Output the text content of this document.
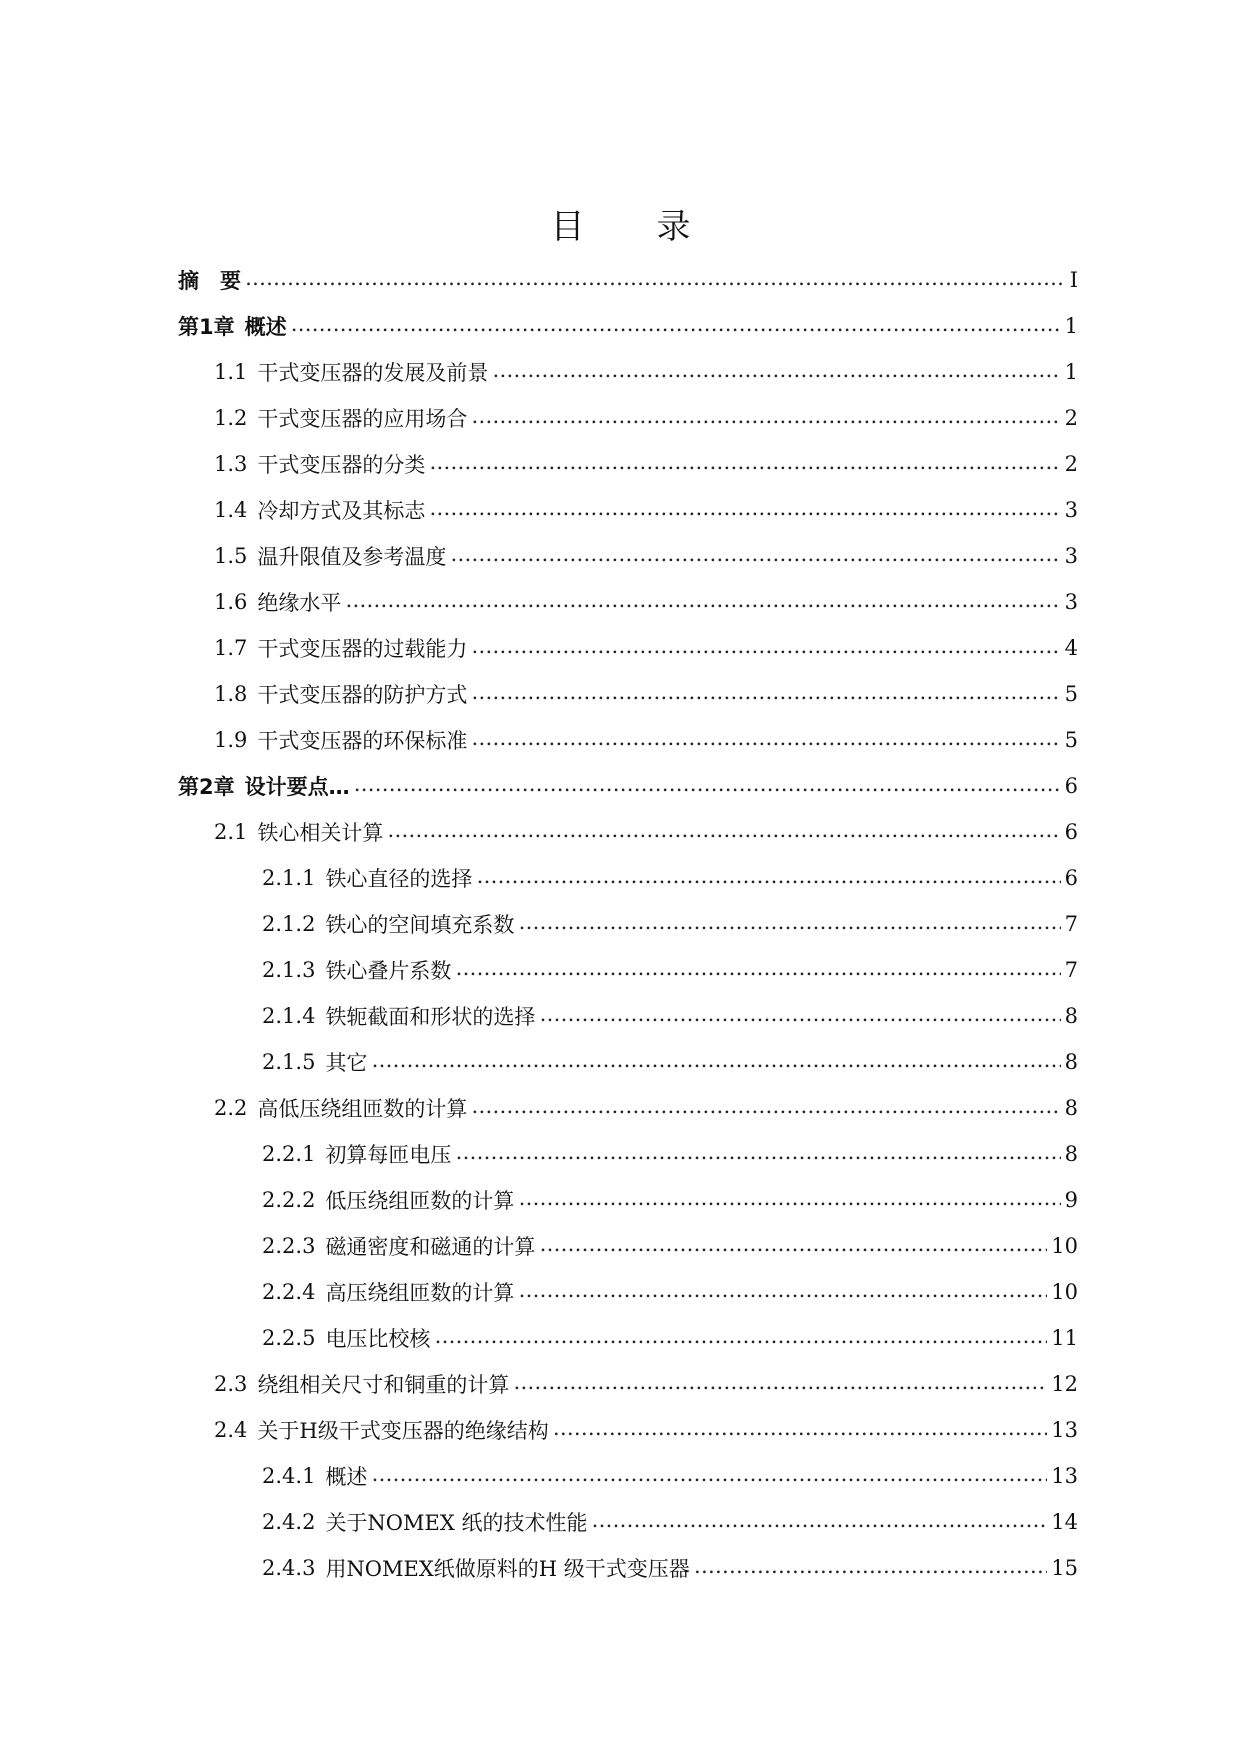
目 录
摘　要 …………………………………………………………………………………………………………………………………………………………………………………………………………	I
第1章 概述 …………………………………………………………………………………………………………………………………………………………………………………………………………	1
1.1 干式变压器的发展及前景 …………………………………………………………………………………………………………………………………………………………………………………………………………	1
1.2 干式变压器的应用场合 …………………………………………………………………………………………………………………………………………………………………………………………………………	2
1.3 干式变压器的分类 …………………………………………………………………………………………………………………………………………………………………………………………………………	2
1.4 冷却方式及其标志 …………………………………………………………………………………………………………………………………………………………………………………………………………	3
1.5 温升限值及参考温度 …………………………………………………………………………………………………………………………………………………………………………………………………………	3
1.6 绝缘水平 …………………………………………………………………………………………………………………………………………………………………………………………………………	3
1.7 干式变压器的过载能力 …………………………………………………………………………………………………………………………………………………………………………………………………………	4
1.8 干式变压器的防护方式 …………………………………………………………………………………………………………………………………………………………………………………………………………	5
1.9 干式变压器的环保标准 …………………………………………………………………………………………………………………………………………………………………………………………………………	5
第2章 设计要点… …………………………………………………………………………………………………………………………………………………………………………………………………………	6
2.1 铁心相关计算 …………………………………………………………………………………………………………………………………………………………………………………………………………	6
2.1.1 铁心直径的选择 …………………………………………………………………………………………………………………………………………………………………………………………………………	6
2.1.2 铁心的空间填充系数 …………………………………………………………………………………………………………………………………………………………………………………………………………	7
2.1.3 铁心叠片系数 …………………………………………………………………………………………………………………………………………………………………………………………………………	7
2.1.4 铁轭截面和形状的选择 …………………………………………………………………………………………………………………………………………………………………………………………………………	8
2.1.5 其它 …………………………………………………………………………………………………………………………………………………………………………………………………………	8
2.2 高低压绕组匝数的计算 …………………………………………………………………………………………………………………………………………………………………………………………………………	8
2.2.1 初算每匝电压 …………………………………………………………………………………………………………………………………………………………………………………………………………	8
2.2.2 低压绕组匝数的计算 …………………………………………………………………………………………………………………………………………………………………………………………………………	9
2.2.3 磁通密度和磁通的计算 …………………………………………………………………………………………………………………………………………………………………………………………………………	10
2.2.4 高压绕组匝数的计算 …………………………………………………………………………………………………………………………………………………………………………………………………………	10
2.2.5 电压比校核 …………………………………………………………………………………………………………………………………………………………………………………………………………	11
2.3 绕组相关尺寸和铜重的计算 …………………………………………………………………………………………………………………………………………………………………………………………………………	12
2.4 关于H级干式变压器的绝缘结构 …………………………………………………………………………………………………………………………………………………………………………………………………………	13
2.4.1 概述 …………………………………………………………………………………………………………………………………………………………………………………………………………	13
2.4.2 关于NOMEX 纸的技术性能 …………………………………………………………………………………………………………………………………………………………………………………………………………	14
2.4.3 用NOMEX纸做原料的H 级干式变压器 …………………………………………………………………………………………………………………………………………………………………………………………………………	15
